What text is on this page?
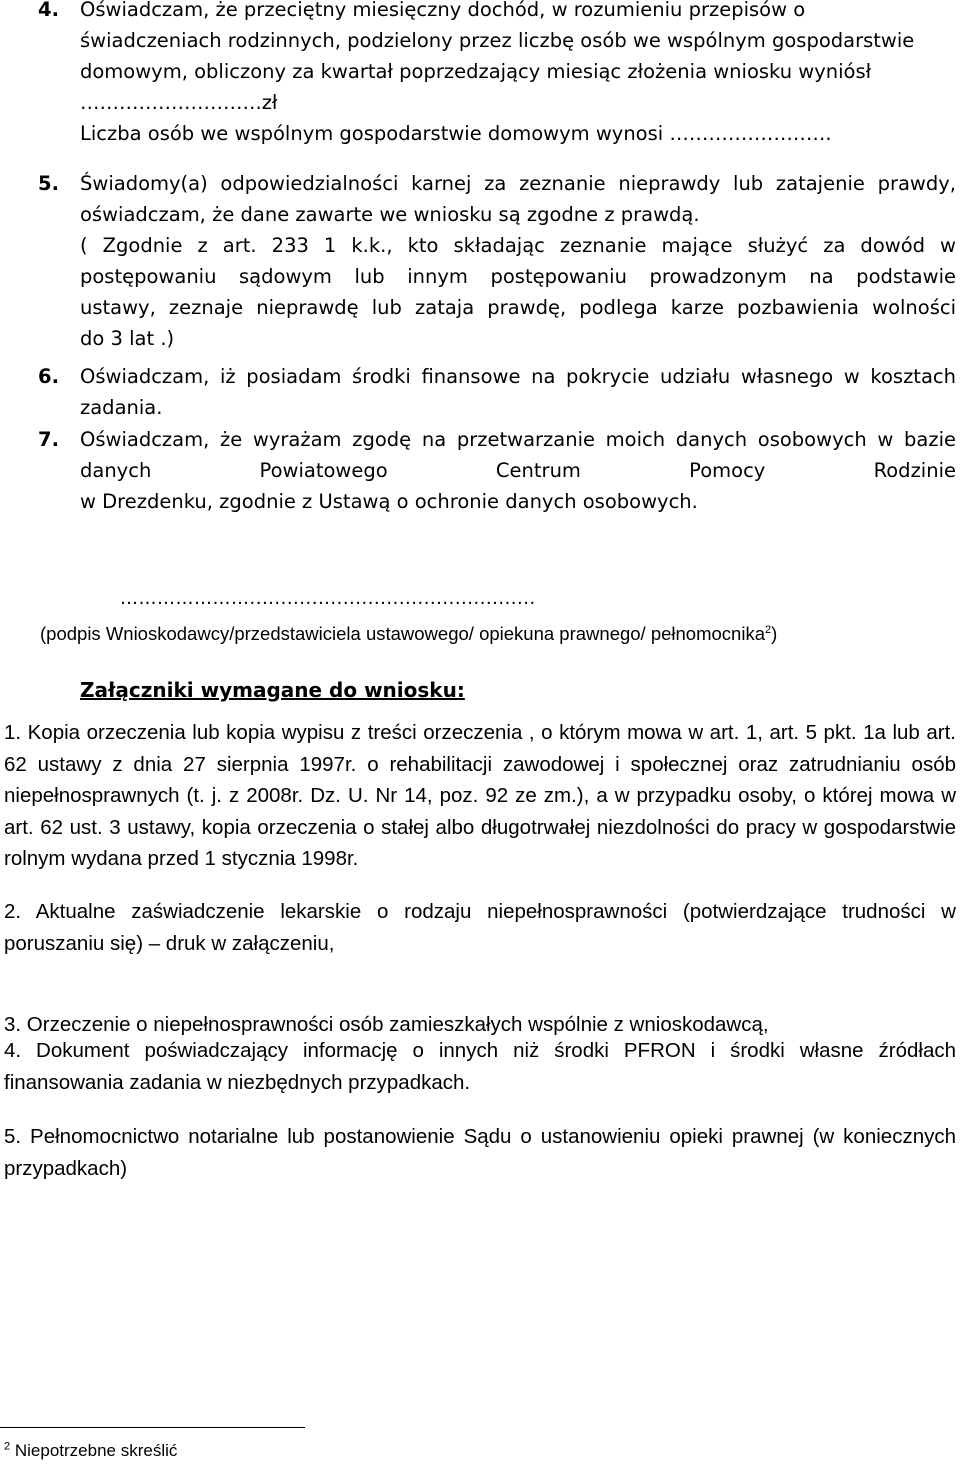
4. Oświadczam, że przeciętny miesięczny dochód, w rozumieniu przepisów o
świadczeniach rodzinnych, podzielony przez liczbę osób we wspólnym gospodarstwie
domowym, obliczony za kwartał poprzedzający miesiąc złożenia wniosku wyniósł
……………………….zł
Liczba osób we wspólnym gospodarstwie domowym wynosi …………………….
5. Świadomy(a) odpowiedzialności karnej za zeznanie nieprawdy lub zatajenie prawdy,
oświadczam, że dane zawarte we wniosku są zgodne z prawdą.
( Zgodnie z art. 233 1 k.k., kto składając zeznanie mające służyć za dowód w
postępowaniu sądowym lub innym postępowaniu prowadzonym na podstawie
ustawy, zeznaje nieprawdę lub zataja prawdę, podlega karze pozbawienia wolności
do 3 lat .)
6. Oświadczam, iż posiadam środki finansowe na pokrycie udziału własnego w kosztach
zadania.
7. Oświadczam, że wyrażam zgodę na przetwarzanie moich danych osobowych w bazie
danych Powiatowego Centrum Pomocy Rodzinie
w Drezdenku, zgodnie z Ustawą o ochronie danych osobowych.
…………………..............................................
(podpis Wnioskodawcy/przedstawiciela ustawowego/ opiekuna prawnego/ pełnomocnika$^2$)
Załączniki wymagane do wniosku:
1. Kopia orzeczenia lub kopia wypisu z treści orzeczenia , o którym mowa w art. 1, art. 5 pkt. 1a lub art. 62 ustawy z dnia 27 sierpnia 1997r. o rehabilitacji zawodowej i społecznej oraz zatrudnianiu osób niepełnosprawnych (t. j. z 2008r. Dz. U. Nr 14, poz. 92 ze zm.), a w przypadku osoby, o której mowa w art. 62 ust. 3 ustawy, kopia orzeczenia o stałej albo długotrwałej niezdolności do pracy w gospodarstwie rolnym wydana przed 1 stycznia 1998r.
2. Aktualne zaświadczenie lekarskie o rodzaju niepełnosprawności (potwierdzające trudności w poruszaniu się) – druk w załączeniu,
3. Orzeczenie o niepełnosprawności osób zamieszkałych wspólnie z wnioskodawcą,
4. Dokument poświadczający informację o innych niż środki PFRON i środki własne źródłach finansowania zadania w niezbędnych przypadkach.
5. Pełnomocnictwo notarialne lub postanowienie Sądu o ustanowieniu opieki prawnej (w koniecznych przypadkach)
$^2$ Niepotrzebne skreślić
